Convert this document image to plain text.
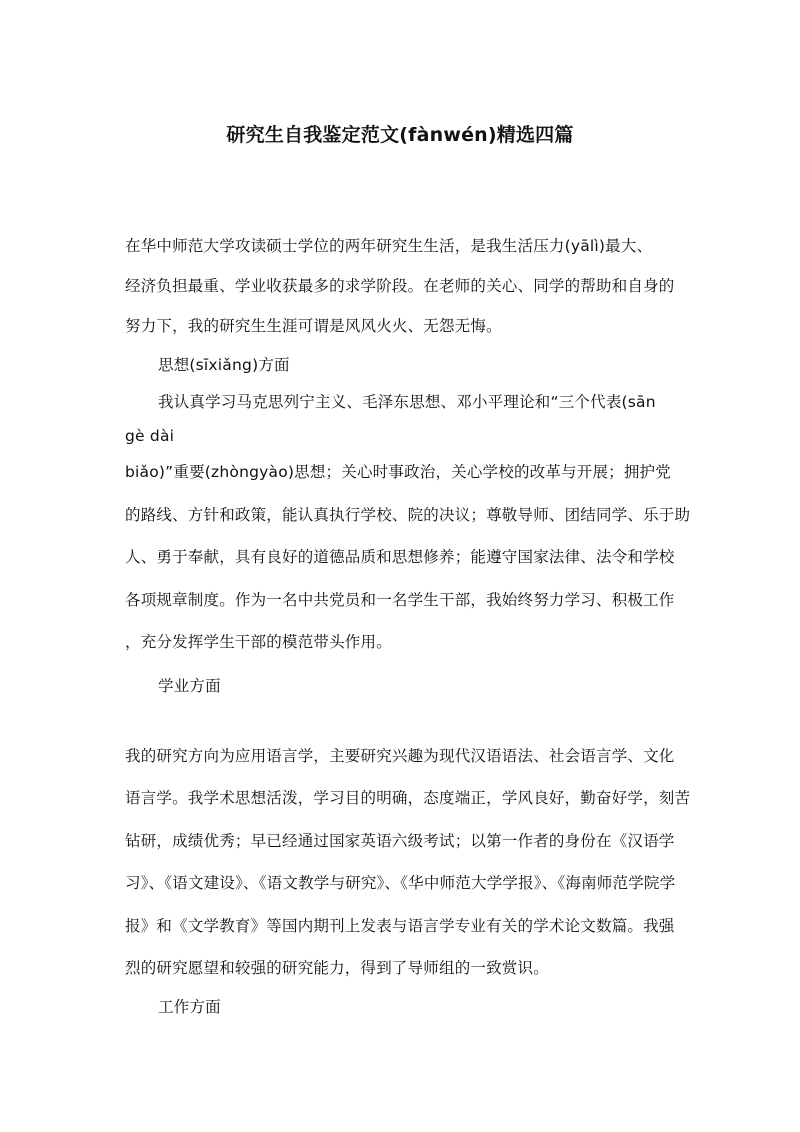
研究生自我鉴定范文(fànwén)精选四篇
在华中师范大学攻读硕士学位的两年研究生生活，是我生活压力(yālì)最大、
经济负担最重、学业收获最多的求学阶段。在老师的关心、同学的帮助和自身的
努力下，我的研究生生涯可谓是风风火火、无怨无悔。
思想(sīxiǎng)方面
我认真学习马克思列宁主义、毛泽东思想、邓小平理论和“三个代表(sān
gè dài
biǎo)”重要(zhòngyào)思想；关心时事政治，关心学校的改革与开展；拥护党
的路线、方针和政策，能认真执行学校、院的决议；尊敬导师、团结同学、乐于助
人、勇于奉献，具有良好的道德品质和思想修养；能遵守国家法律、法令和学校
各项规章制度。作为一名中共党员和一名学生干部，我始终努力学习、积极工作
，充分发挥学生干部的模范带头作用。
学业方面
我的研究方向为应用语言学，主要研究兴趣为现代汉语语法、社会语言学、文化
语言学。我学术思想活泼，学习目的明确，态度端正，学风良好，勤奋好学，刻苦
钻研，成绩优秀；早已经通过国家英语六级考试；以第一作者的身份在《汉语学
习》、《语文建设》、《语文教学与研究》、《华中师范大学学报》、《海南师范学院学
报》和《文学教育》等国内期刊上发表与语言学专业有关的学术论文数篇。我强
烈的研究愿望和较强的研究能力，得到了导师组的一致赏识。
工作方面
